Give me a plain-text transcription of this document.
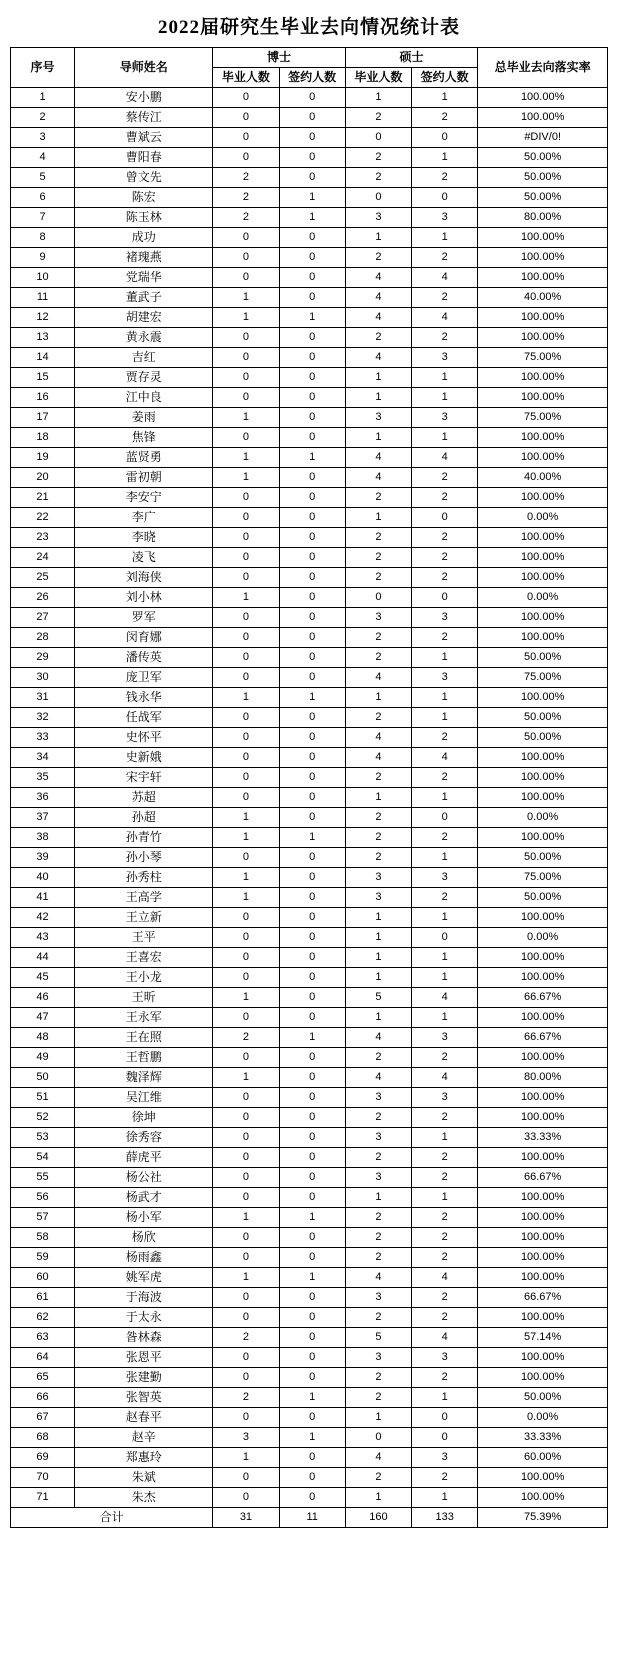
2022届研究生毕业去向情况统计表
序号	导师姓名	博士		硕士		总毕业去向落实率
		毕业人数	签约人数	毕业人数	签约人数	
1	安小鹏	0	0	1	1	100.00%
2	蔡传江	0	0	2	2	100.00%
3	曹斌云	0	0	0	0	#DIV/0!
4	曹阳春	0	0	2	1	50.00%
5	曾文先	2	0	2	2	50.00%
6	陈宏	2	1	0	0	50.00%
7	陈玉林	2	1	3	3	80.00%
8	成功	0	0	1	1	100.00%
9	褚瑰燕	0	0	2	2	100.00%
10	党瑞华	0	0	4	4	100.00%
11	董武子	1	0	4	2	40.00%
12	胡建宏	1	1	4	4	100.00%
13	黄永震	0	0	2	2	100.00%
14	吉红	0	0	4	3	75.00%
15	贾存灵	0	0	1	1	100.00%
16	江中良	0	0	1	1	100.00%
17	姜雨	1	0	3	3	75.00%
18	焦锋	0	0	1	1	100.00%
19	蓝贤勇	1	1	4	4	100.00%
20	雷初朝	1	0	4	2	40.00%
21	李安宁	0	0	2	2	100.00%
22	李广	0	0	1	0	0.00%
23	李晓	0	0	2	2	100.00%
24	凌飞	0	0	2	2	100.00%
25	刘海侠	0	0	2	2	100.00%
26	刘小林	1	0	0	0	0.00%
27	罗军	0	0	3	3	100.00%
28	闵育娜	0	0	2	2	100.00%
29	潘传英	0	0	2	1	50.00%
30	庞卫军	0	0	4	3	75.00%
31	钱永华	1	1	1	1	100.00%
32	任战军	0	0	2	1	50.00%
33	史怀平	0	0	4	2	50.00%
34	史新娥	0	0	4	4	100.00%
35	宋宇轩	0	0	2	2	100.00%
36	苏超	0	0	1	1	100.00%
37	孙超	1	0	2	0	0.00%
38	孙青竹	1	1	2	2	100.00%
39	孙小琴	0	0	2	1	50.00%
40	孙秀柱	1	0	3	3	75.00%
41	王高学	1	0	3	2	50.00%
42	王立新	0	0	1	1	100.00%
43	王平	0	0	1	0	0.00%
44	王喜宏	0	0	1	1	100.00%
45	王小龙	0	0	1	1	100.00%
46	王昕	1	0	5	4	66.67%
47	王永军	0	0	1	1	100.00%
48	王在照	2	1	4	3	66.67%
49	王哲鹏	0	0	2	2	100.00%
50	魏泽辉	1	0	4	4	80.00%
51	吴江维	0	0	3	3	100.00%
52	徐坤	0	0	2	2	100.00%
53	徐秀容	0	0	3	1	33.33%
54	薛虎平	0	0	2	2	100.00%
55	杨公社	0	0	3	2	66.67%
56	杨武才	0	0	1	1	100.00%
57	杨小军	1	1	2	2	100.00%
58	杨欣	0	0	2	2	100.00%
59	杨雨鑫	0	0	2	2	100.00%
60	姚军虎	1	1	4	4	100.00%
61	于海波	0	0	3	2	66.67%
62	于太永	0	0	2	2	100.00%
63	昝林森	2	0	5	4	57.14%
64	张恩平	0	0	3	3	100.00%
65	张建勤	0	0	2	2	100.00%
66	张智英	2	1	2	1	50.00%
67	赵春平	0	0	1	0	0.00%
68	赵辛	3	1	0	0	33.33%
69	郑惠玲	1	0	4	3	60.00%
70	朱斌	0	0	2	2	100.00%
71	朱杰	0	0	1	1	100.00%
合计		31	11	160	133	75.39%
